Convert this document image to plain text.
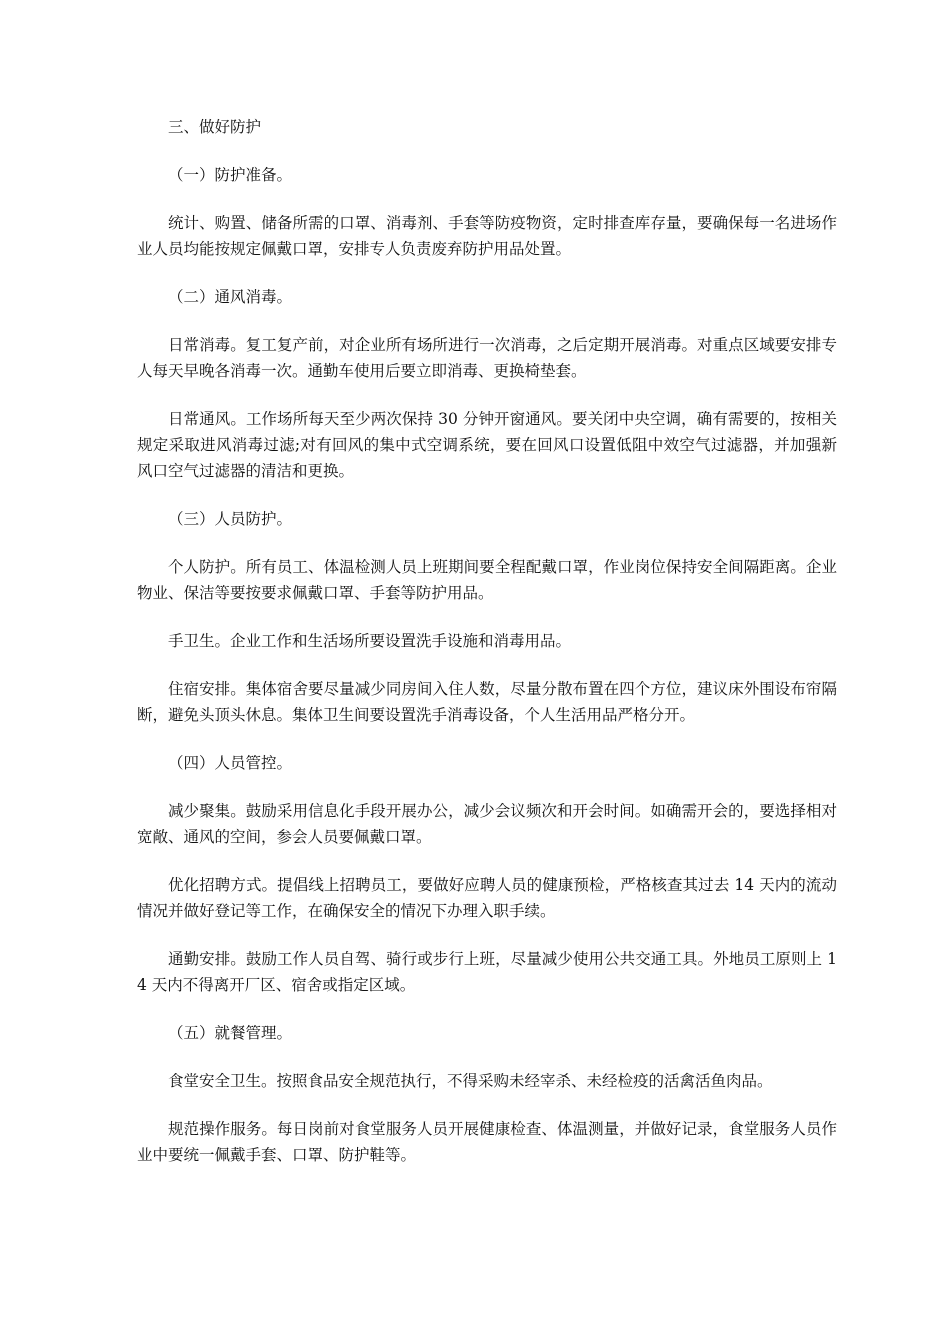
三、做好防护

（一）防护准备。

统计、购置、储备所需的口罩、消毒剂、手套等防疫物资，定时排查库存量，要确保每一名进场作业人员均能按规定佩戴口罩，安排专人负责废弃防护用品处置。

（二）通风消毒。

日常消毒。复工复产前，对企业所有场所进行一次消毒，之后定期开展消毒。对重点区域要安排专人每天早晚各消毒一次。通勤车使用后要立即消毒、更换椅垫套。

日常通风。工作场所每天至少两次保持 30 分钟开窗通风。要关闭中央空调，确有需要的，按相关规定采取进风消毒过滤;对有回风的集中式空调系统，要在回风口设置低阻中效空气过滤器，并加强新风口空气过滤器的清洁和更换。

（三）人员防护。

个人防护。所有员工、体温检测人员上班期间要全程配戴口罩，作业岗位保持安全间隔距离。企业物业、保洁等要按要求佩戴口罩、手套等防护用品。

手卫生。企业工作和生活场所要设置洗手设施和消毒用品。

住宿安排。集体宿舍要尽量减少同房间入住人数，尽量分散布置在四个方位，建议床外围设布帘隔断，避免头顶头休息。集体卫生间要设置洗手消毒设备，个人生活用品严格分开。

（四）人员管控。

减少聚集。鼓励采用信息化手段开展办公，减少会议频次和开会时间。如确需开会的，要选择相对宽敞、通风的空间，参会人员要佩戴口罩。

优化招聘方式。提倡线上招聘员工，要做好应聘人员的健康预检，严格核查其过去 14 天内的流动情况并做好登记等工作，在确保安全的情况下办理入职手续。

通勤安排。鼓励工作人员自驾、骑行或步行上班，尽量减少使用公共交通工具。外地员工原则上 14 天内不得离开厂区、宿舍或指定区域。

（五）就餐管理。

食堂安全卫生。按照食品安全规范执行，不得采购未经宰杀、未经检疫的活禽活鱼肉品。

规范操作服务。每日岗前对食堂服务人员开展健康检查、体温测量，并做好记录，食堂服务人员作业中要统一佩戴手套、口罩、防护鞋等。
